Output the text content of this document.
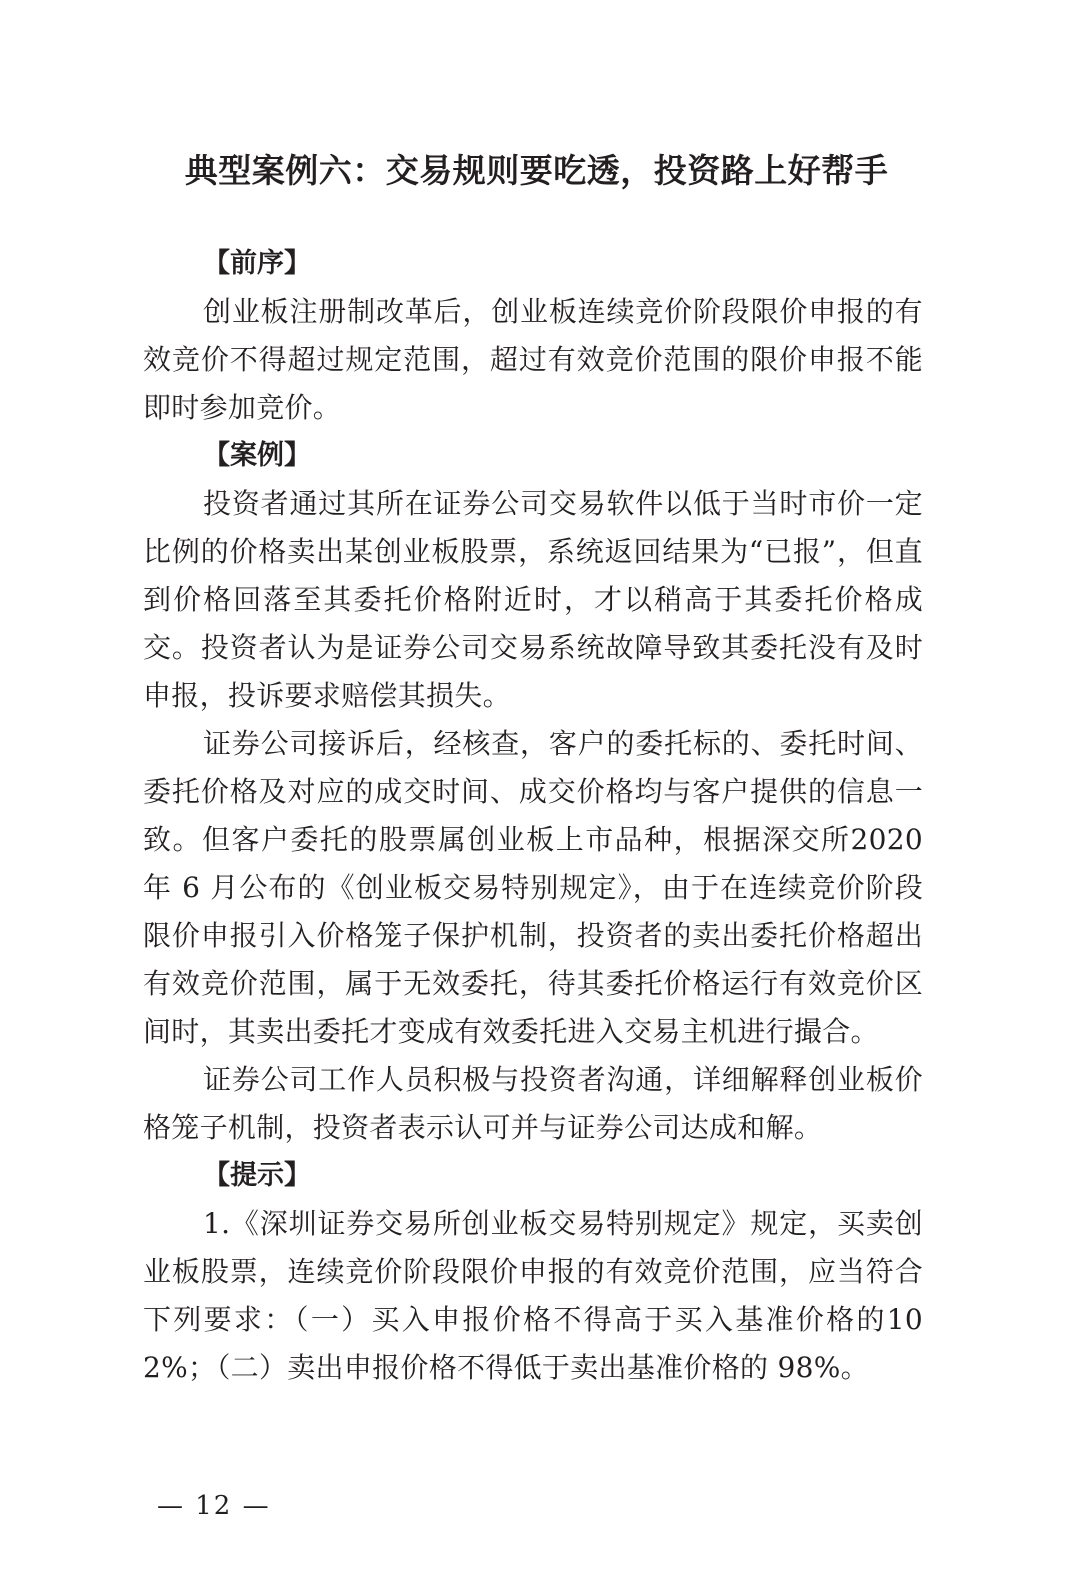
典型案例六：交易规则要吃透，投资路上好帮手

【前序】

创业板注册制改革后，创业板连续竞价阶段限价申报的有效竞价不得超过规定范围，超过有效竞价范围的限价申报不能即时参加竞价。

【案例】

投资者通过其所在证券公司交易软件以低于当时市价一定比例的价格卖出某创业板股票，系统返回结果为“已报”，但直到价格回落至其委托价格附近时，才以稍高于其委托价格成交。投资者认为是证券公司交易系统故障导致其委托没有及时申报，投诉要求赔偿其损失。

证券公司接诉后，经核查，客户的委托标的、委托时间、委托价格及对应的成交时间、成交价格均与客户提供的信息一致。但客户委托的股票属创业板上市品种，根据深交所2020 年 6 月公布的《创业板交易特别规定》，由于在连续竞价阶段限价申报引入价格笼子保护机制，投资者的卖出委托价格超出有效竞价范围，属于无效委托，待其委托价格运行有效竞价区间时，其卖出委托才变成有效委托进入交易主机进行撮合。

证券公司工作人员积极与投资者沟通，详细解释创业板价格笼子机制，投资者表示认可并与证券公司达成和解。

【提示】

1.《深圳证券交易所创业板交易特别规定》规定，买卖创业板股票，连续竞价阶段限价申报的有效竞价范围，应当符合下列要求：（一）买入申报价格不得高于买入基准价格的102%；（二）卖出申报价格不得低于卖出基准价格的 98%。

— 12 —
